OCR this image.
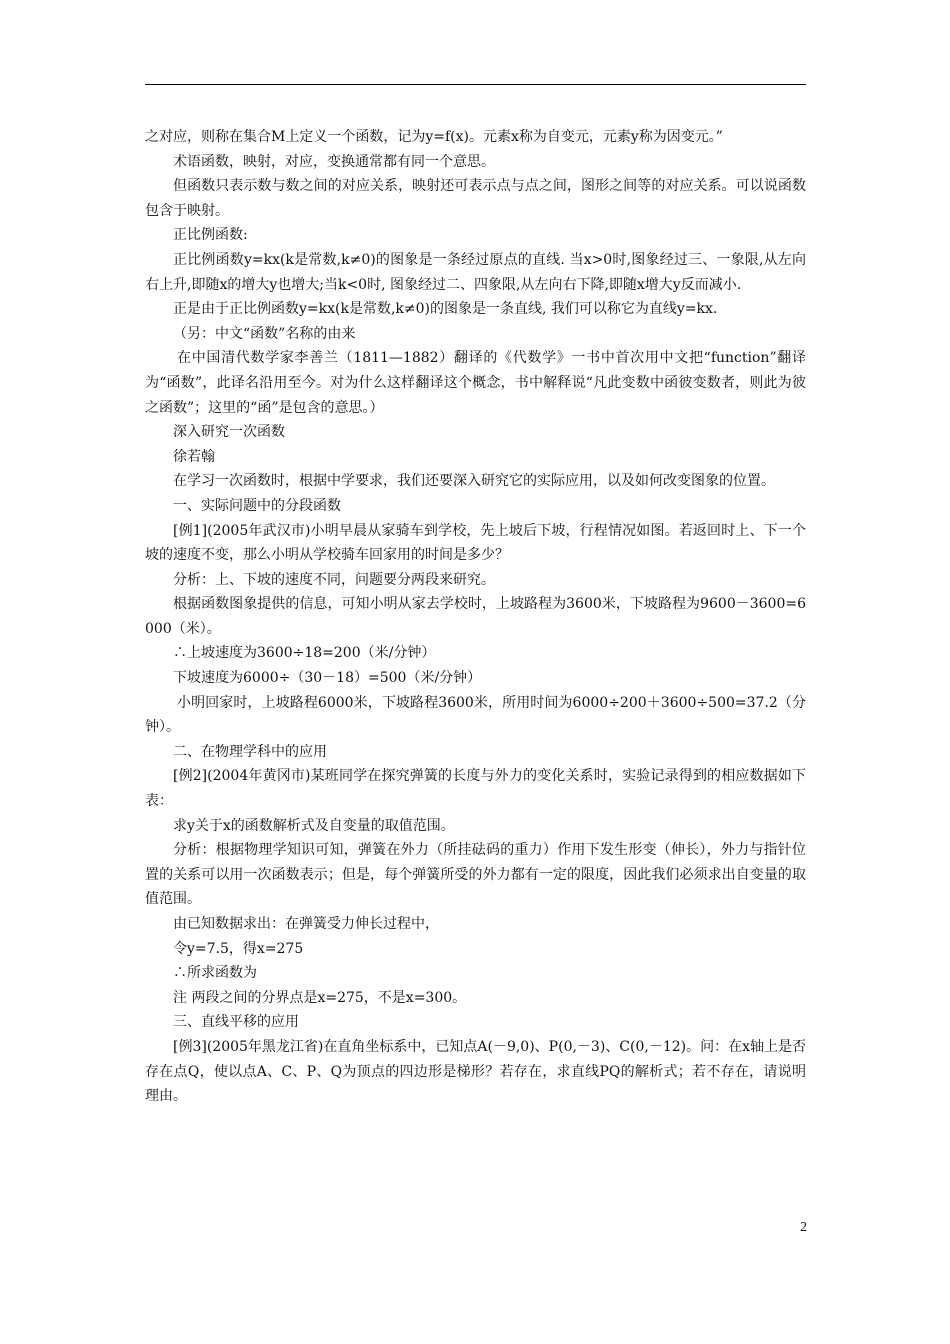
之对应，则称在集合M上定义一个函数，记为y=f(x)。元素x称为自变元，元素y称为因变元。”

术语函数，映射，对应，变换通常都有同一个意思。

但函数只表示数与数之间的对应关系，映射还可表示点与点之间，图形之间等的对应关系。可以说函数包含于映射。

正比例函数:

正比例函数y=kx(k是常数,k≠0)的图象是一条经过原点的直线. 当x>0时,图象经过三、一象限,从左向右上升,即随x的增大y也增大;当k<0时, 图象经过二、四象限,从左向右下降,即随x增大y反而减小.

正是由于正比例函数y=kx(k是常数,k≠0)的图象是一条直线, 我们可以称它为直线y=kx.

（另：中文“函数”名称的由来

在中国清代数学家李善兰（1811—1882）翻译的《代数学》一书中首次用中文把“function”翻译为“函数”，此译名沿用至今。对为什么这样翻译这个概念，书中解释说“凡此变数中函彼变数者，则此为彼之函数”；这里的“函”是包含的意思。）

深入研究一次函数

徐若翰

在学习一次函数时，根据中学要求，我们还要深入研究它的实际应用，以及如何改变图象的位置。

一、实际问题中的分段函数

[例1](2005年武汉市)小明早晨从家骑车到学校，先上坡后下坡，行程情况如图。若返回时上、下一个坡的速度不变，那么小明从学校骑车回家用的时间是多少？

分析：上、下坡的速度不同，问题要分两段来研究。

根据函数图象提供的信息，可知小明从家去学校时，上坡路程为3600米，下坡路程为9600－3600=6000（米）。

∴上坡速度为3600÷18=200（米/分钟）

下坡速度为6000÷（30－18）=500（米/分钟）

小明回家时，上坡路程6000米，下坡路程3600米，所用时间为6000÷200＋3600÷500=37.2（分钟）。

二、在物理学科中的应用

[例2](2004年黄冈市)某班同学在探究弹簧的长度与外力的变化关系时，实验记录得到的相应数据如下表：

求y关于x的函数解析式及自变量的取值范围。

分析：根据物理学知识可知，弹簧在外力（所挂砝码的重力）作用下发生形变（伸长），外力与指针位置的关系可以用一次函数表示；但是，每个弹簧所受的外力都有一定的限度，因此我们必须求出自变量的取值范围。

由已知数据求出：在弹簧受力伸长过程中，

令y=7.5，得x=275

∴所求函数为

注 两段之间的分界点是x=275，不是x=300。

三、直线平移的应用

[例3](2005年黑龙江省)在直角坐标系中，已知点A(－9,0)、P(0,－3)、C(0,－12)。问：在x轴上是否存在点Q，使以点A、C、P、Q为顶点的四边形是梯形？若存在，求直线PQ的解析式；若不存在，请说明理由。

2
